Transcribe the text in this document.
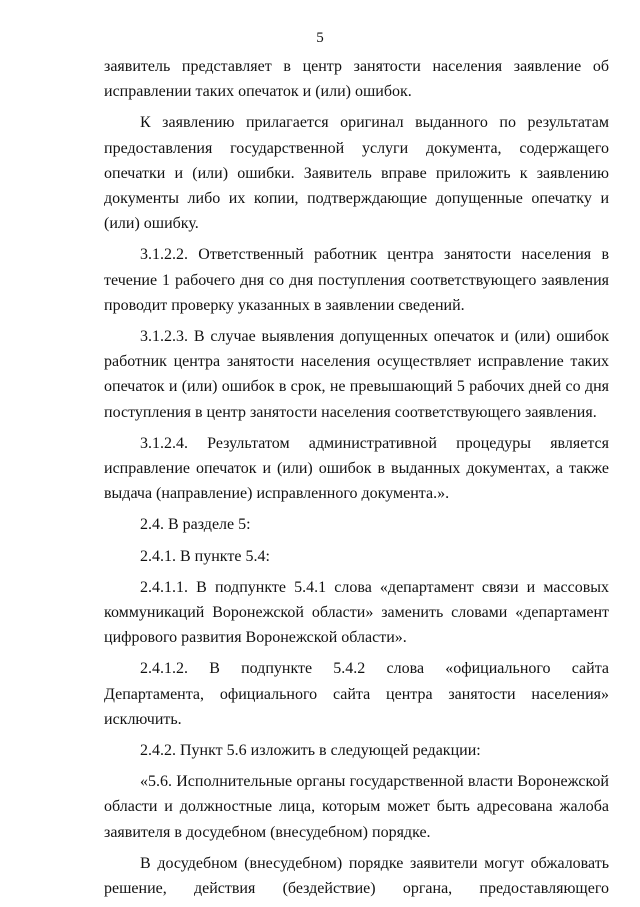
5

заявитель представляет в центр занятости населения заявление об исправлении таких опечаток и (или) ошибок.

К заявлению прилагается оригинал выданного по результатам предоставления государственной услуги документа, содержащего опечатки и (или) ошибки. Заявитель вправе приложить к заявлению документы либо их копии, подтверждающие допущенные опечатку и (или) ошибку.

3.1.2.2. Ответственный работник центра занятости населения в течение 1 рабочего дня со дня поступления соответствующего заявления проводит проверку указанных в заявлении сведений.

3.1.2.3. В случае выявления допущенных опечаток и (или) ошибок работник центра занятости населения осуществляет исправление таких опечаток и (или) ошибок в срок, не превышающий 5 рабочих дней со дня поступления в центр занятости населения соответствующего заявления.

3.1.2.4. Результатом административной процедуры является исправление опечаток и (или) ошибок в выданных документах, а также выдача (направление) исправленного документа.».

2.4. В разделе 5:

2.4.1. В пункте 5.4:

2.4.1.1. В подпункте 5.4.1 слова «департамент связи и массовых коммуникаций Воронежской области» заменить словами «департамент цифрового развития Воронежской области».

2.4.1.2. В подпункте 5.4.2 слова «официального сайта Департамента, официального сайта центра занятости населения» исключить.

2.4.2. Пункт 5.6 изложить в следующей редакции:

«5.6. Исполнительные органы государственной власти Воронежской области и должностные лица, которым может быть адресована жалоба заявителя в досудебном (внесудебном) порядке.

В досудебном (внесудебном) порядке заявители могут обжаловать решение, действия (бездействие) органа, предоставляющего
